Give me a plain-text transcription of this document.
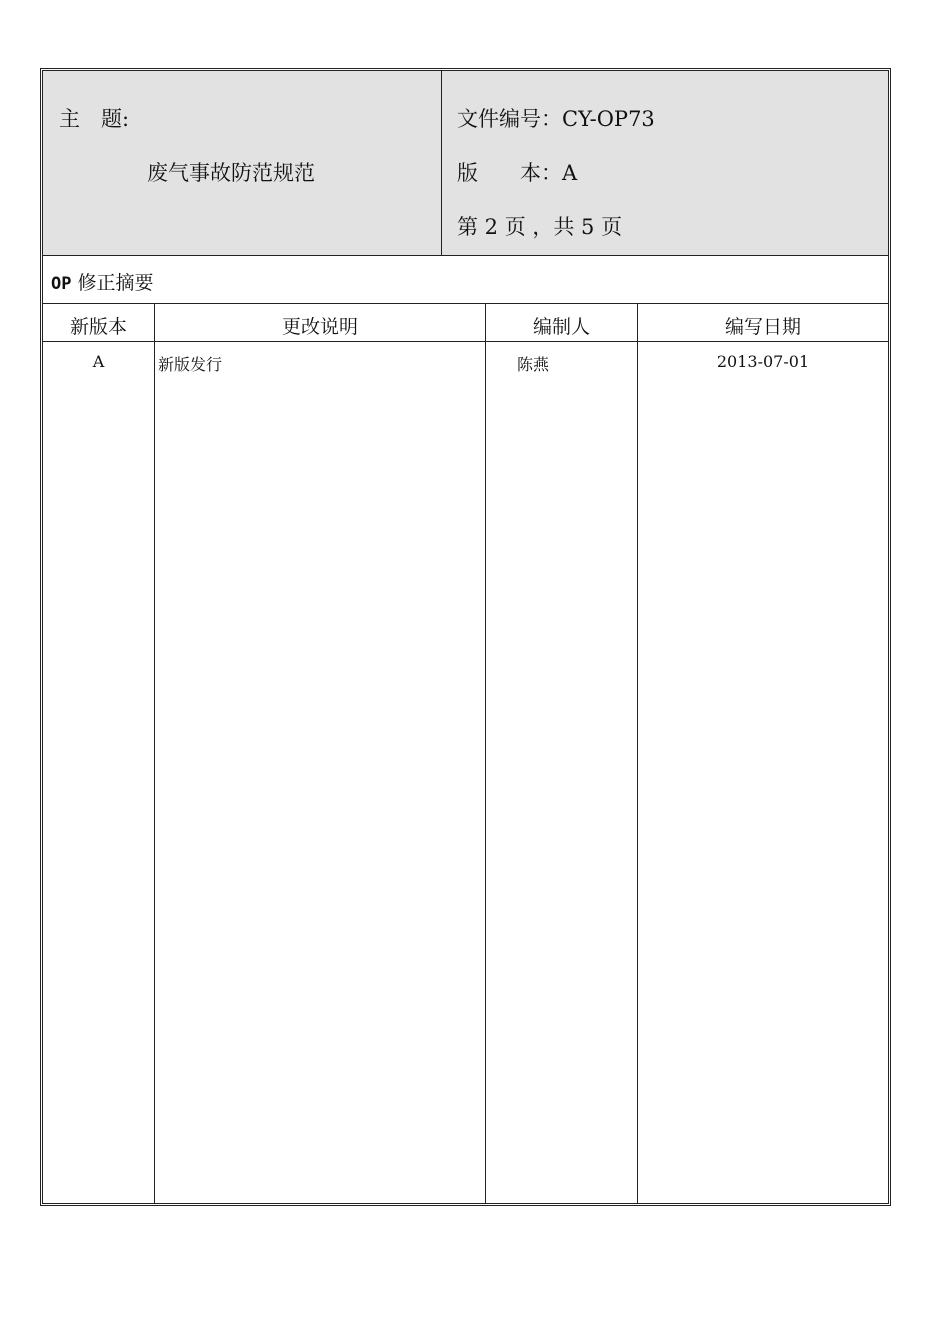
主　题:
废气事故防范规范
文件编号：CY-OP73
版　　本：A
第 2 页 ，共 5 页
OP 修正摘要
新版本	更改说明	编制人	编写日期
A	新版发行	陈燕	2013-07-01
